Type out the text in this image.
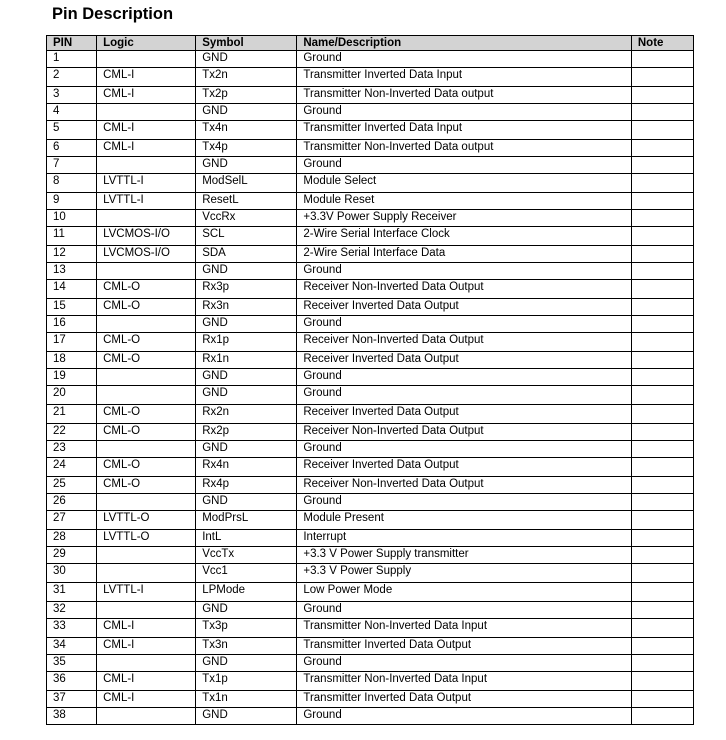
Pin Description
PIN	Logic	Symbol	Name/Description	Note
1		GND	Ground	
2	CML-I	Tx2n	Transmitter Inverted Data Input	
3	CML-I	Tx2p	Transmitter Non-Inverted Data output	
4		GND	Ground	
5	CML-I	Tx4n	Transmitter Inverted Data Input	
6	CML-I	Tx4p	Transmitter Non-Inverted Data output	
7		GND	Ground	
8	LVTTL-I	ModSelL	Module Select	
9	LVTTL-I	ResetL	Module Reset	
10		VccRx	+3.3V Power Supply Receiver	
11	LVCMOS-I/O	SCL	2-Wire Serial Interface Clock	
12	LVCMOS-I/O	SDA	2-Wire Serial Interface Data	
13		GND	Ground	
14	CML-O	Rx3p	Receiver Non-Inverted Data Output	
15	CML-O	Rx3n	Receiver Inverted Data Output	
16		GND	Ground	
17	CML-O	Rx1p	Receiver Non-Inverted Data Output	
18	CML-O	Rx1n	Receiver Inverted Data Output	
19		GND	Ground	
20		GND	Ground	
21	CML-O	Rx2n	Receiver Inverted Data Output	
22	CML-O	Rx2p	Receiver Non-Inverted Data Output	
23		GND	Ground	
24	CML-O	Rx4n	Receiver Inverted Data Output	
25	CML-O	Rx4p	Receiver Non-Inverted Data Output	
26		GND	Ground	
27	LVTTL-O	ModPrsL	Module Present	
28	LVTTL-O	IntL	Interrupt	
29		VccTx	+3.3 V Power Supply transmitter	
30		Vcc1	+3.3 V Power Supply	
31	LVTTL-I	LPMode	Low Power Mode	
32		GND	Ground	
33	CML-I	Tx3p	Transmitter Non-Inverted Data Input	
34	CML-I	Tx3n	Transmitter Inverted Data Output	
35		GND	Ground	
36	CML-I	Tx1p	Transmitter Non-Inverted Data Input	
37	CML-I	Tx1n	Transmitter Inverted Data Output	
38		GND	Ground	
